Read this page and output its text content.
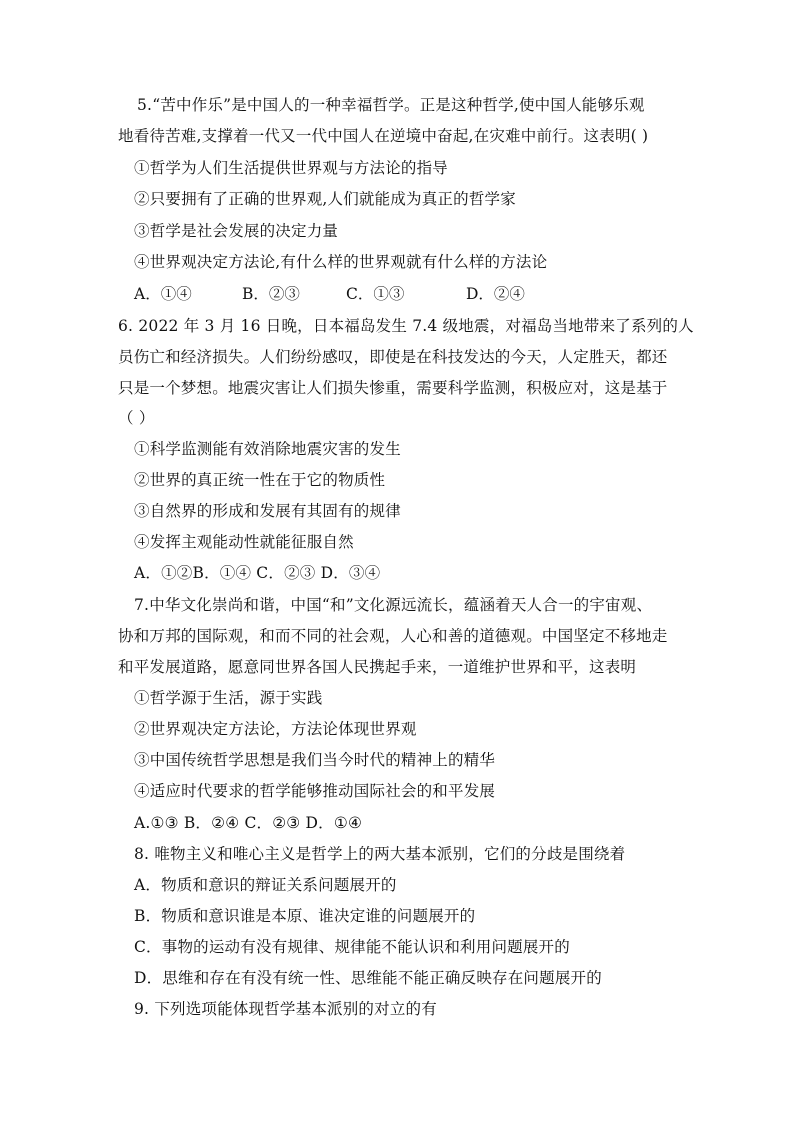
5.“苦中作乐”是中国人的一种幸福哲学。正是这种哲学,使中国人能够乐观
地看待苦难,支撑着一代又一代中国人在逆境中奋起,在灾难中前行。这表明( )
①哲学为人们生活提供世界观与方法论的指导
②只要拥有了正确的世界观,人们就能成为真正的哲学家
③哲学是社会发展的决定力量
④世界观决定方法论,有什么样的世界观就有什么样的方法论
A．①④	B．②③	C．①③	D．②④
6. 2022 年 3 月 16 日晚，日本福岛发生 7.4 级地震，对福岛当地带来了系列的人
员伤亡和经济损失。人们纷纷感叹，即使是在科技发达的今天，人定胜天，都还
只是一个梦想。地震灾害让人们损失惨重，需要科学监测，积极应对，这是基于
（ ）
①科学监测能有效消除地震灾害的发生
②世界的真正统一性在于它的物质性
③自然界的形成和发展有其固有的规律
④发挥主观能动性就能征服自然
A．①②B．①④ C．②③ D．③④
7.中华文化崇尚和谐，中国“和”文化源远流长，蕴涵着天人合一的宇宙观、
协和万邦的国际观，和而不同的社会观，人心和善的道德观。中国坚定不移地走
和平发展道路，愿意同世界各国人民携起手来，一道维护世界和平，这表明
①哲学源于生活，源于实践
②世界观决定方法论，方法论体现世界观
③中国传统哲学思想是我们当今时代的精神上的精华
④适应时代要求的哲学能够推动国际社会的和平发展
A.①③ B．②④ C．②③ D．①④
8. 唯物主义和唯心主义是哲学上的两大基本派别，它们的分歧是围绕着
A．物质和意识的辩证关系问题展开的
B．物质和意识谁是本原、谁决定谁的问题展开的
C．事物的运动有没有规律、规律能不能认识和利用问题展开的
D．思维和存在有没有统一性、思维能不能正确反映存在问题展开的
9. 下列选项能体现哲学基本派别的对立的有
